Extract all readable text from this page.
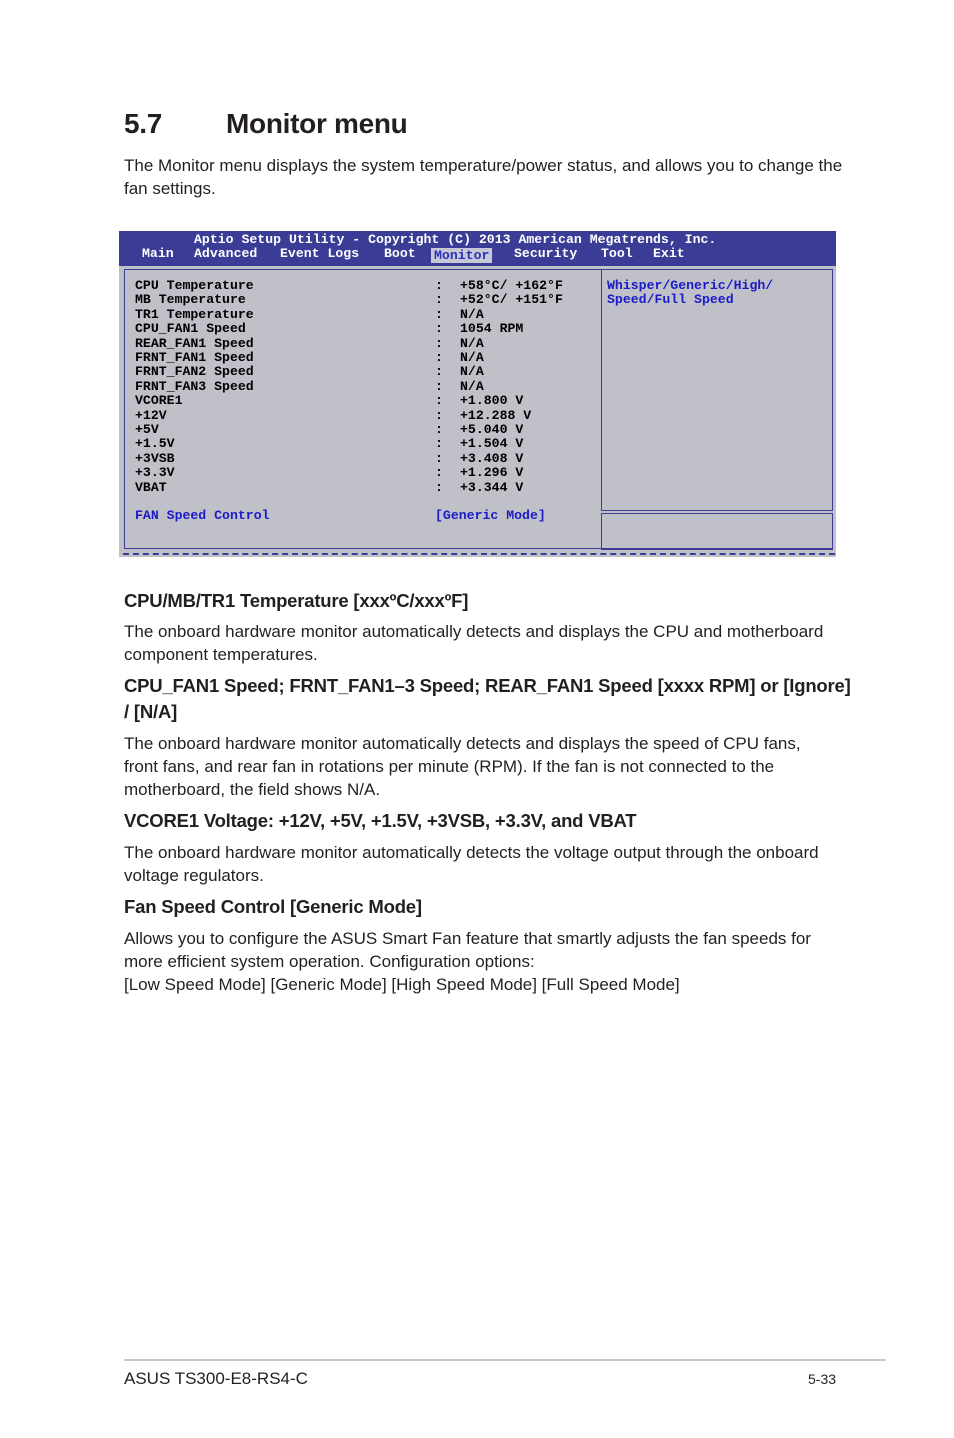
5.7 Monitor menu

The Monitor menu displays the system temperature/power status, and allows you to change the fan settings.

Aptio Setup Utility - Copyright (C) 2013 American Megatrends, Inc.
Main Advanced Event Logs Boot Monitor Security Tool Exit
CPU Temperature	: +58°C/ +162°F
MB Temperature	: +52°C/ +151°F
TR1 Temperature	: N/A
CPU_FAN1 Speed	: 1054 RPM
REAR_FAN1 Speed	: N/A
FRNT_FAN1 Speed	: N/A
FRNT_FAN2 Speed	: N/A
FRNT_FAN3 Speed	: N/A
VCORE1	: +1.800 V
+12V	: +12.288 V
+5V	: +5.040 V
+1.5V	: +1.504 V
+3VSB	: +3.408 V
+3.3V	: +1.296 V
VBAT	: +3.344 V
FAN Speed Control	[Generic Mode]
Whisper/Generic/High/
Speed/Full Speed
CPU/MB/TR1 Temperature [xxxºC/xxxºF]

The onboard hardware monitor automatically detects and displays the CPU and motherboard component temperatures.

CPU_FAN1 Speed; FRNT_FAN1–3 Speed; REAR_FAN1 Speed [xxxx RPM] or [Ignore] / [N/A]

The onboard hardware monitor automatically detects and displays the speed of CPU fans, front fans, and rear fan in rotations per minute (RPM). If the fan is not connected to the motherboard, the field shows N/A.

VCORE1 Voltage: +12V, +5V, +1.5V, +3VSB, +3.3V, and VBAT

The onboard hardware monitor automatically detects the voltage output through the onboard voltage regulators.

Fan Speed Control [Generic Mode]

Allows you to configure the ASUS Smart Fan feature that smartly adjusts the fan speeds for more efficient system operation. Configuration options:

[Low Speed Mode] [Generic Mode] [High Speed Mode] [Full Speed Mode]

ASUS TS300-E8-RS4-C	5-33
